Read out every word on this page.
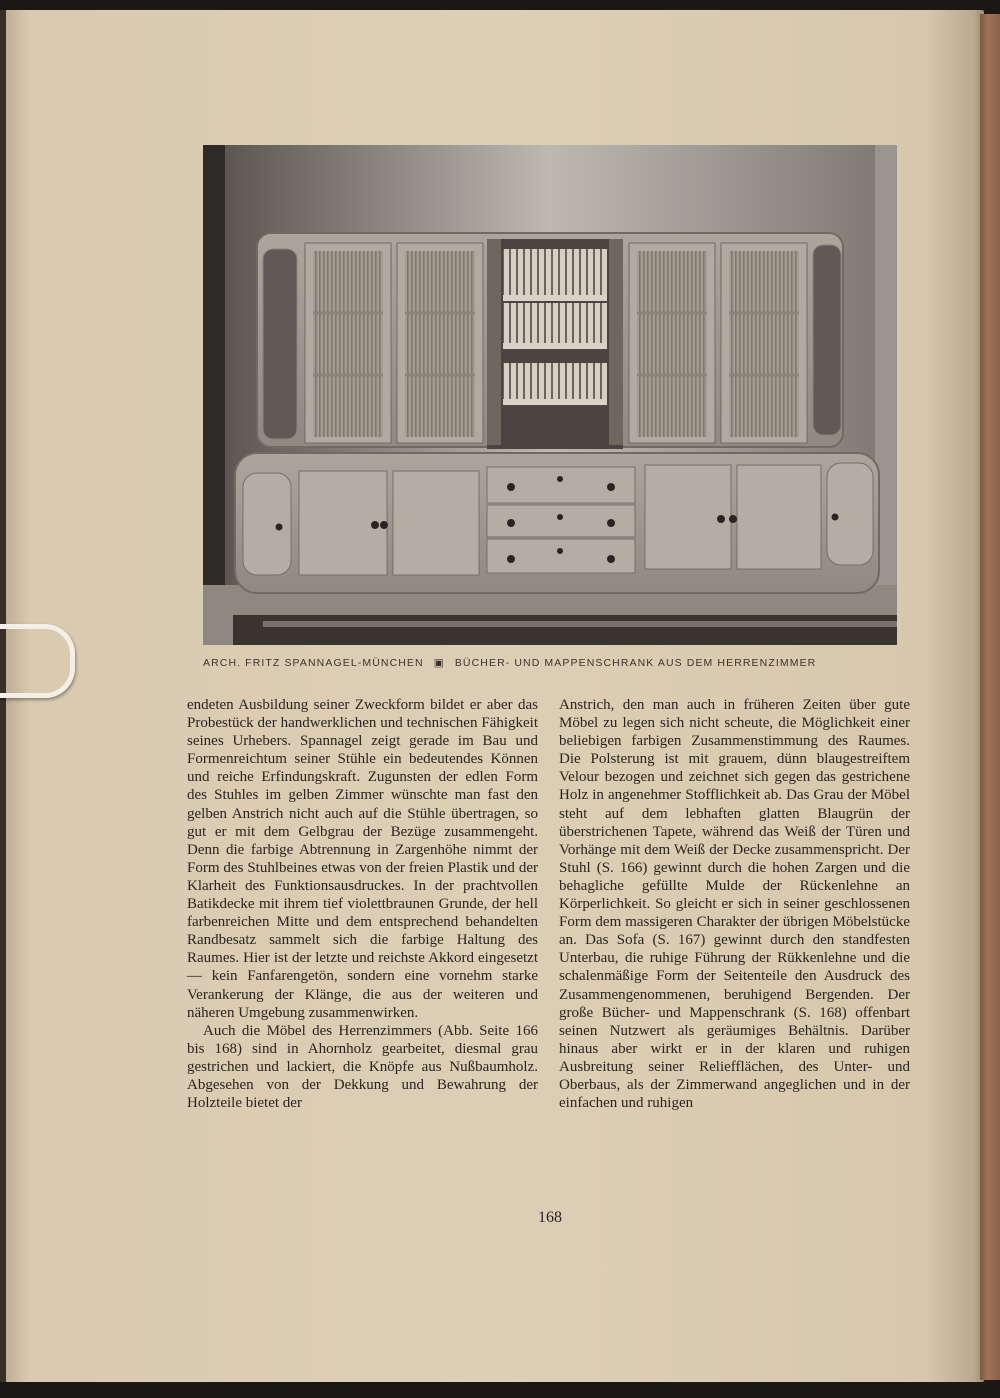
ARCH. FRITZ SPANNAGEL-MÜNCHEN ▣ BÜCHER- UND MAPPENSCHRANK AUS DEM HERRENZIMMER

endeten Ausbildung seiner Zweckform bildet er aber das Probestück der handwerklichen und technischen Fähigkeit seines Urhebers. Spannagel zeigt gerade im Bau und Formenreichtum seiner Stühle ein bedeutendes Können und reiche Erfindungskraft. Zugunsten der edlen Form des Stuhles im gelben Zimmer wünschte man fast den gelben Anstrich nicht auch auf die Stühle übertragen, so gut er mit dem Gelbgrau der Bezüge zusammengeht. Denn die farbige Abtrennung in Zargenhöhe nimmt der Form des Stuhlbeines etwas von der freien Plastik und der Klarheit des Funktionsausdruckes. In der prachtvollen Batikdecke mit ihrem tief violettbraunen Grunde, der hell farbenreichen Mitte und dem entsprechend behandelten Randbesatz sammelt sich die farbige Haltung des Raumes. Hier ist der letzte und reichste Akkord eingesetzt — kein Fanfarengetön, sondern eine vornehm starke Verankerung der Klänge, die aus der weiteren und näheren Umgebung zusammenwirken.

Auch die Möbel des Herrenzimmers (Abb. Seite 166 bis 168) sind in Ahornholz gearbeitet, diesmal grau gestrichen und lackiert, die Knöpfe aus Nußbaumholz. Abgesehen von der Dekkung und Bewahrung der Holzteile bietet der

Anstrich, den man auch in früheren Zeiten über gute Möbel zu legen sich nicht scheute, die Möglichkeit einer beliebigen farbigen Zusammenstimmung des Raumes. Die Polsterung ist mit grauem, dünn blaugestreiftem Velour bezogen und zeichnet sich gegen das gestrichene Holz in angenehmer Stofflichkeit ab. Das Grau der Möbel steht auf dem lebhaften glatten Blaugrün der überstrichenen Tapete, während das Weiß der Türen und Vorhänge mit dem Weiß der Decke zusammenspricht. Der Stuhl (S. 166) gewinnt durch die hohen Zargen und die behagliche gefüllte Mulde der Rückenlehne an Körperlichkeit. So gleicht er sich in seiner geschlossenen Form dem massigeren Charakter der übrigen Möbelstücke an. Das Sofa (S. 167) gewinnt durch den standfesten Unterbau, die ruhige Führung der Rükkenlehne und die schalenmäßige Form der Seitenteile den Ausdruck des Zusammengenommenen, beruhigend Bergenden. Der große Bücher- und Mappenschrank (S. 168) offenbart seinen Nutzwert als geräumiges Behältnis. Darüber hinaus aber wirkt er in der klaren und ruhigen Ausbreitung seiner Reliefflächen, des Unter- und Oberbaus, als der Zimmerwand angeglichen und in der einfachen und ruhigen

168
